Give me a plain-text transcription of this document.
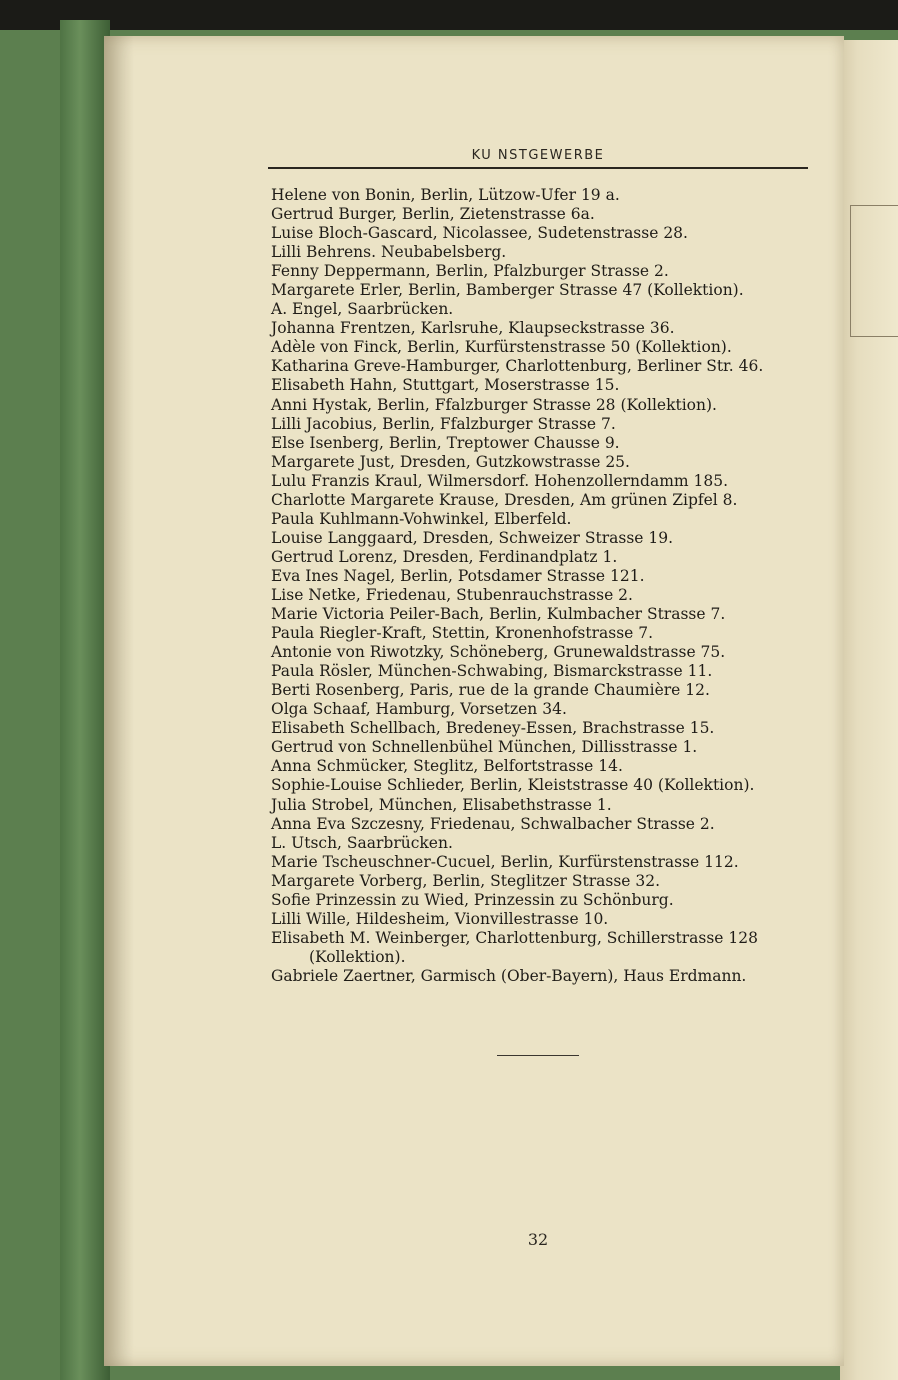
KU NSTGEWERBE
Helene von Bonin, Berlin, Lützow-Ufer 19 a.
Gertrud Burger, Berlin, Zietenstrasse 6a.
Luise Bloch-Gascard, Nicolassee, Sudetenstrasse 28.
Lilli Behrens. Neubabelsberg.
Fenny Deppermann, Berlin, Pfalzburger Strasse 2.
Margarete Erler, Berlin, Bamberger Strasse 47 (Kollektion).
A. Engel, Saarbrücken.
Johanna Frentzen, Karlsruhe, Klaupseckstrasse 36.
Adèle von Finck, Berlin, Kurfürstenstrasse 50 (Kollektion).
Katharina Greve-Hamburger, Charlottenburg, Berliner Str. 46.
Elisabeth Hahn, Stuttgart, Moserstrasse 15.
Anni Hystak, Berlin, Ffalzburger Strasse 28 (Kollektion).
Lilli Jacobius, Berlin, Ffalzburger Strasse 7.
Else Isenberg, Berlin, Treptower Chausse 9.
Margarete Just, Dresden, Gutzkowstrasse 25.
Lulu Franzis Kraul, Wilmersdorf. Hohenzollerndamm 185.
Charlotte Margarete Krause, Dresden, Am grünen Zipfel 8.
Paula Kuhlmann-Vohwinkel, Elberfeld.
Louise Langgaard, Dresden, Schweizer Strasse 19.
Gertrud Lorenz, Dresden, Ferdinandplatz 1.
Eva Ines Nagel, Berlin, Potsdamer Strasse 121.
Lise Netke, Friedenau, Stubenrauchstrasse 2.
Marie Victoria Peiler-Bach, Berlin, Kulmbacher Strasse 7.
Paula Riegler-Kraft, Stettin, Kronenhofstrasse 7.
Antonie von Riwotzky, Schöneberg, Grunewaldstrasse 75.
Paula Rösler, München-Schwabing, Bismarckstrasse 11.
Berti Rosenberg, Paris, rue de la grande Chaumière 12.
Olga Schaaf, Hamburg, Vorsetzen 34.
Elisabeth Schellbach, Bredeney-Essen, Brachstrasse 15.
Gertrud von Schnellenbühel München, Dillisstrasse 1.
Anna Schmücker, Steglitz, Belfortstrasse 14.
Sophie-Louise Schlieder, Berlin, Kleiststrasse 40 (Kollektion).
Julia Strobel, München, Elisabethstrasse 1.
Anna Eva Szczesny, Friedenau, Schwalbacher Strasse 2.
L. Utsch, Saarbrücken.
Marie Tscheuschner-Cucuel, Berlin, Kurfürstenstrasse 112.
Margarete Vorberg, Berlin, Steglitzer Strasse 32.
Sofie Prinzessin zu Wied, Prinzessin zu Schönburg.
Lilli Wille, Hildesheim, Vionvillestrasse 10.
Elisabeth M. Weinberger, Charlottenburg, Schillerstrasse 128
(Kollektion).
Gabriele Zaertner, Garmisch (Ober-Bayern), Haus Erdmann.
32
